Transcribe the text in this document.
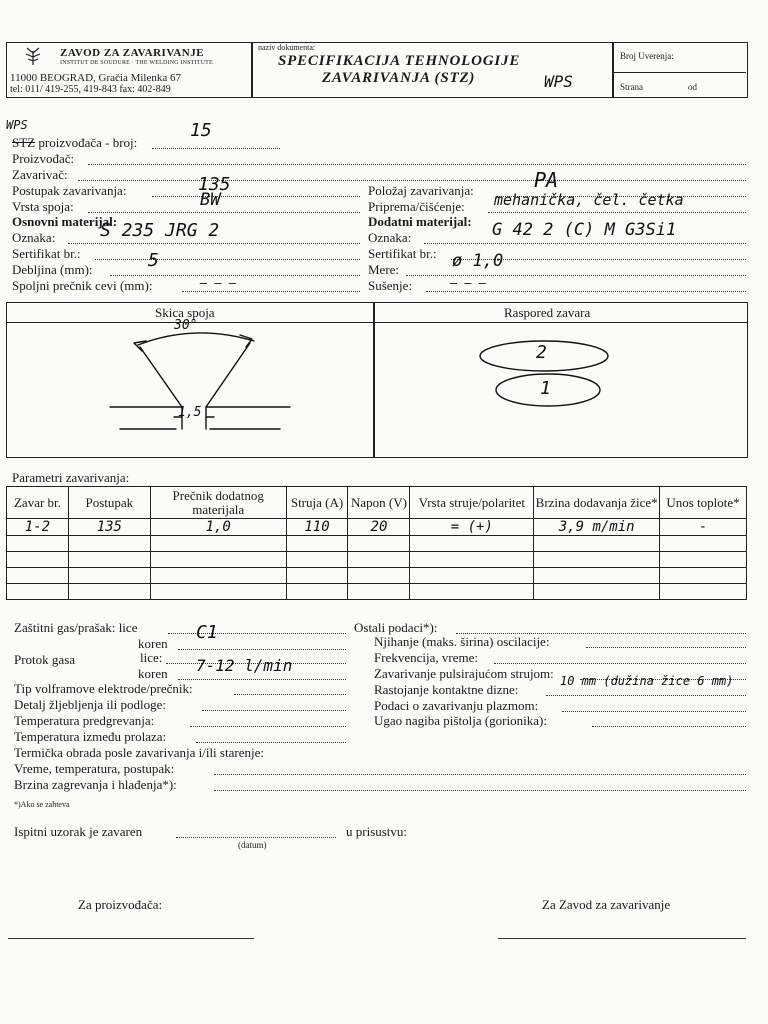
ZAVOD ZA ZAVARIVANJE
INSTITUT DE SOUDURE · THE WELDING INSTITUTE
11000 BEOGRAD, Gračia Milenka 67
tel: 011/ 419-255, 419-843 fax: 402-849
naziv dokumenta:
SPECIFIKACIJA TEHNOLOGIJE
ZAVARIVANJA (STZ)	WPS
Broj Uverenja:
Strana	od
WPS
STZ proizvođača - broj:
15
Proizvođač:
Zavarivač:
Postupak zavarivanja:	135
Vrsta spoja:	BW
Osnovni materijal:
Oznaka: S 235 JRG 2
Sertifikat br.:
Debljina (mm):	5
Spoljni prečnik cevi (mm):	— — —
Položaj zavarivanja:	PA
Priprema/čišćenje: mehanička, čel. četka
Dodatni materijal:
Oznaka:	G 42 2 (C) M G3Si1
Sertifikat br.:
Mere:	ø 1,0
Sušenje:	— — —
Skica spoja	Raspored zavara
30°
1,5
2
1
Parametri zavarivanja:
Zavar br.	Postupak	Prečnik dodatnog materijala	Struja (A)	Napon (V)	Vrsta struje/polaritet	Brzina dodavanja žice*	Unos toplote*
1-2	135	1,0	110	20	= (+)	3,9 m/min	-

Zaštitni gas/prašak: lice
koren
C1
Protok gasa	lice:
koren 7-12 l/min
Tip volframove elektrode/prečnik:
Detalj žljebljenja ili podloge:
Temperatura predgrevanja:
Temperatura između prolaza:
Termička obrada posle zavarivanja i/ili starenje:
Vreme, temperatura, postupak:
Brzina zagrevanja i hlađenja*):
Ostali podaci*):
Njihanje (maks. širina) oscilacije:
Frekvencija, vreme:
Zavarivanje pulsirajućom strujom:
Rastojanje kontaktne dizne:
10 mm (dužina žice 6 mm)
Podaci o zavarivanju plazmom:
Ugao nagiba pištolja (gorionika):
*)Ako se zahteva
Ispitni uzorak je zavaren	u prisustvu:
(datum)
Za proizvođača:	Za Zavod za zavarivanje
